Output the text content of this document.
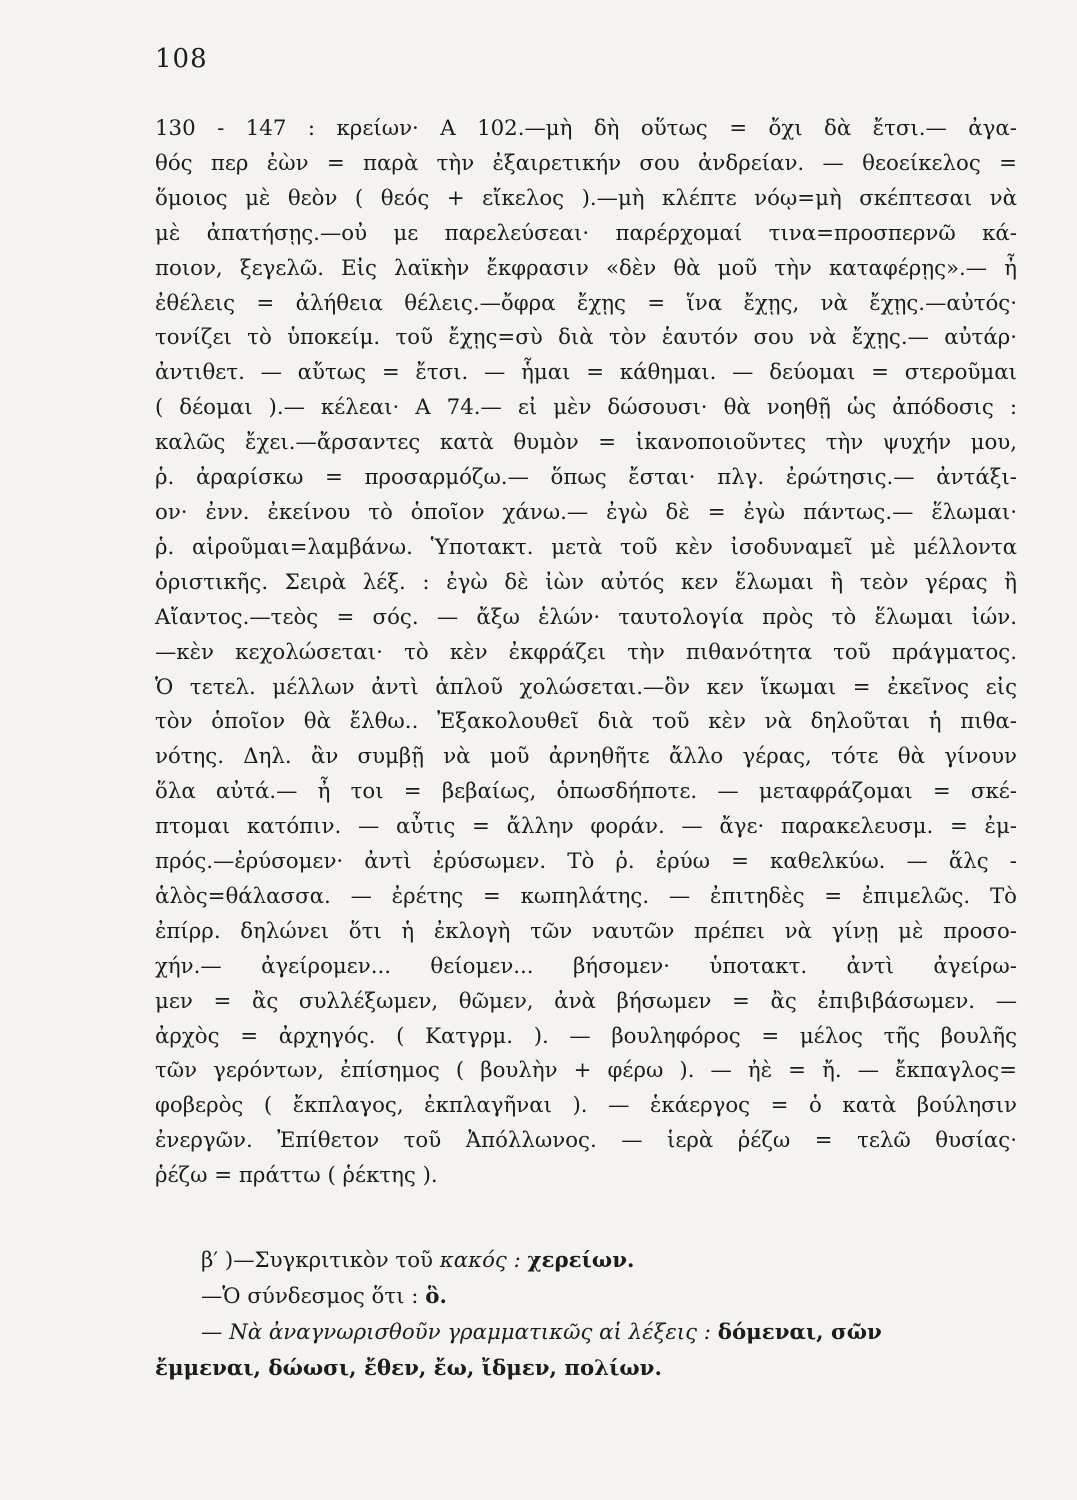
108
130 - 147 : κρείων· Α 102.—μὴ δὴ οὕτως = ὄχι δὰ ἔτσι.— ἀγα-
θός περ ἐὼν = παρὰ τὴν ἐξαιρετικήν σου ἀνδρείαν. — θεοείκελος =
ὅμοιος μὲ θεὸν ( θεός + εἴκελος ).—μὴ κλέπτε νόῳ=μὴ σκέπτεσαι νὰ
μὲ ἀπατήσῃς.—οὐ με παρελεύσεαι· παρέρχομαί τινα=προσπερνῶ κά-
ποιον, ξεγελῶ. Εἰς λαϊκὴν ἔκφρασιν «δὲν θὰ μοῦ τὴν καταφέρῃς».— ἦ
ἐθέλεις = ἀλήθεια θέλεις.—ὄφρα ἔχῃς = ἵνα ἔχῃς, νὰ ἔχῃς.—αὐτός·
τονίζει τὸ ὑποκείμ. τοῦ ἔχῃς=σὺ διὰ τὸν ἑαυτόν σου νὰ ἔχῃς.— αὐτάρ·
ἀντιθετ. — αὔτως = ἔτσι. — ἧμαι = κάθημαι. — δεύομαι = στεροῦμαι
( δέομαι ).— κέλεαι· Α 74.— εἰ μὲν δώσουσι· θὰ νοηθῇ ὡς ἀπόδοσις :
καλῶς ἔχει.—ἄρσαντες κατὰ θυμὸν = ἱκανοποιοῦντες τὴν ψυχήν μου,
ῥ. ἀραρίσκω = προσαρμόζω.— ὅπως ἔσται· πλγ. ἐρώτησις.— ἀντάξι-
ον· ἐνν. ἐκείνου τὸ ὁποῖον χάνω.— ἐγὼ δὲ = ἐγὼ πάντως.— ἕλωμαι·
ῥ. αἱροῦμαι=λαμβάνω. Ὑποτακτ. μετὰ τοῦ κὲν ἰσοδυναμεῖ μὲ μέλλοντα
ὁριστικῆς. Σειρὰ λέξ. : ἐγὼ δὲ ἰὼν αὐτός κεν ἕλωμαι ἢ τεὸν γέρας ἢ
Αἴαντος.—τεὸς = σός. — ἄξω ἑλών· ταυτολογία πρὸς τὸ ἕλωμαι ἰών.
—κὲν κεχολώσεται· τὸ κὲν ἐκφράζει τὴν πιθανότητα τοῦ πράγματος.
Ὁ τετελ. μέλλων ἀντὶ ἁπλοῦ χολώσεται.—ὃν κεν ἵκωμαι = ἐκεῖνος εἰς
τὸν ὁποῖον θὰ ἔλθω.. Ἐξακολουθεῖ διὰ τοῦ κὲν νὰ δηλοῦται ἡ πιθα-
νότης. Δηλ. ἂν συμβῇ νὰ μοῦ ἀρνηθῆτε ἄλλο γέρας, τότε θὰ γίνουν
ὅλα αὐτά.— ἦ τοι = βεβαίως, ὁπωσδήποτε. — μεταφράζομαι = σκέ-
πτομαι κατόπιν. — αὖτις = ἄλλην φοράν. — ἄγε· παρακελευσμ. = ἐμ-
πρός.—ἐρύσομεν· ἀντὶ ἐρύσωμεν. Τὸ ῥ. ἐρύω = καθελκύω. — ἅλς -
ἁλὸς=θάλασσα. — ἐρέτης = κωπηλάτης. — ἐπιτηδὲς = ἐπιμελῶς. Τὸ
ἐπίρρ. δηλώνει ὅτι ἡ ἐκλογὴ τῶν ναυτῶν πρέπει νὰ γίνῃ μὲ προσο-
χήν.— ἀγείρομεν... θείομεν... βήσομεν· ὑποτακτ. ἀντὶ ἀγείρω-
μεν = ἂς συλλέξωμεν, θῶμεν, ἀνὰ βήσωμεν = ἂς ἐπιβιβάσωμεν. —
ἀρχὸς = ἀρχηγός. ( Κατγρμ. ). — βουληφόρος = μέλος τῆς βουλῆς
τῶν γερόντων, ἐπίσημος ( βουλὴν + φέρω ). — ἠὲ = ἤ. — ἔκπαγλος=
φοβερὸς ( ἔκπλαγος, ἐκπλαγῆναι ). — ἑκάεργος = ὁ κατὰ βούλησιν
ἐνεργῶν. Ἐπίθετον τοῦ Ἀπόλλωνος. — ἱερὰ ῥέζω = τελῶ θυσίας·
ῥέζω = πράττω ( ῥέκτης ).
β′ )—Συγκριτικὸν τοῦ κακός : χερείων.
—Ὁ σύνδεσμος ὅτι : ὃ.
— Νὰ ἀναγνωρισθοῦν γραμματικῶς αἱ λέξεις : δόμεναι, σῶν
ἔμμεναι, δώωσι, ἔθεν, ἔω, ἴδμεν, πολίων.
